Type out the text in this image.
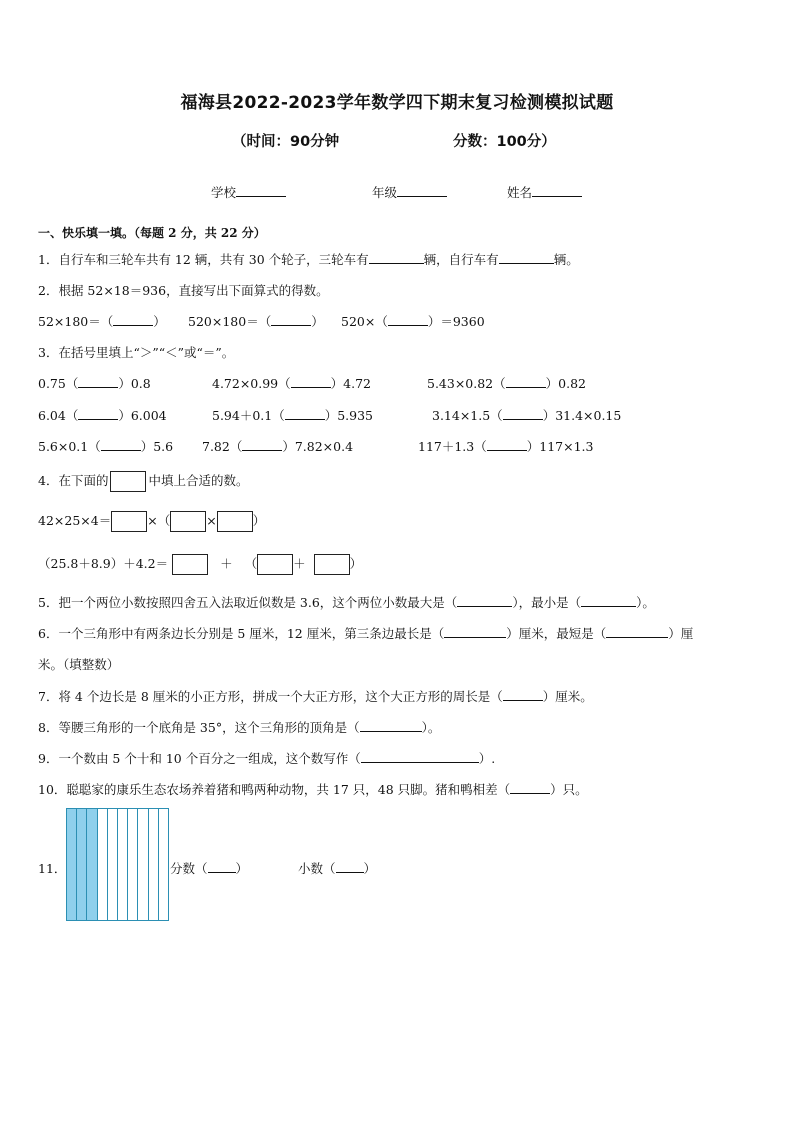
福海县2022-2023学年数学四下期末复习检测模拟试题
（时间：90分钟	分数：100分）
学校	年级	姓名
一、快乐填一填。（每题 2 分，共 22 分）
1．自行车和三轮车共有 12 辆，共有 30 个轮子，三轮车有	辆，自行车有	辆。
2．根据 52×18＝936，直接写出下面算式的得数。
52×180＝（	） 520×180＝（	） 520×（	）＝9360
3．在括号里填上“＞”“＜”或“＝”。
0.75（	）0.8	4.72×0.99（	）4.72	5.43×0.82（	）0.82
6.04（	）6.004	5.94＋0.1（	）5.935	3.14×1.5（	）31.4×0.15
5.6×0.1（	）5.6 7.82（	）7.82×0.4	117＋1.3（	）117×1.3
4．在下面的	中填上合适的数。
42×25×4＝	×（	×	）
（25.8＋8.9）＋4.2＝	＋ （	＋	）
5．把一个两位小数按照四舍五入法取近似数是 3.6，这个两位小数最大是（	），最小是（	）。
6．一个三角形中有两条边长分别是 5 厘米，12 厘米，第三条边最长是（	）厘米，最短是（	）厘
米。（填整数）
7．将 4 个边长是 8 厘米的小正方形，拼成一个大正方形，这个大正方形的周长是（	）厘米。
8．等腰三角形的一个底角是 35°，这个三角形的顶角是（	）。
9．一个数由 5 个十和 10 个百分之一组成，这个数写作（	）.
10．聪聪家的康乐生态农场养着猪和鸭两种动物，共 17 只，48 只脚。猪和鸭相差（	）只。
11．	分数（ ）	小数（ ）
